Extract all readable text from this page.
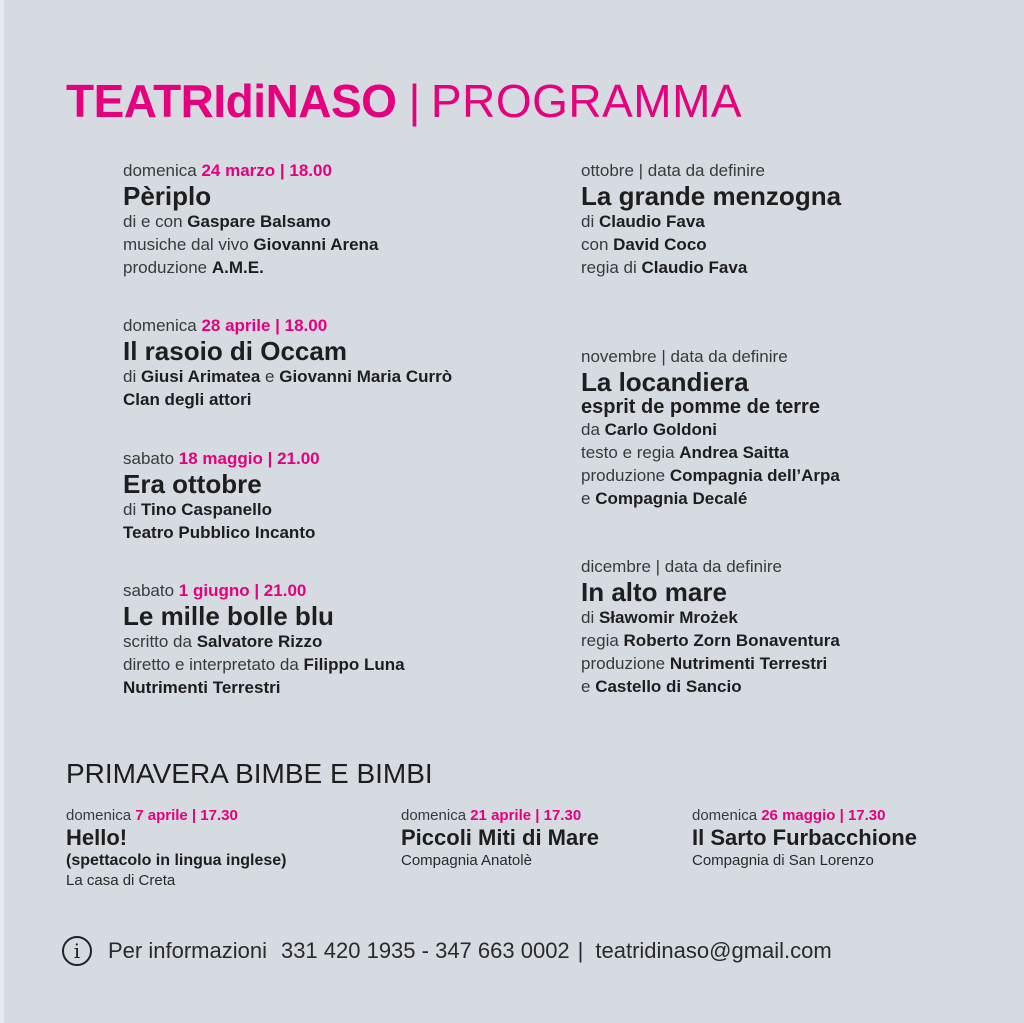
TEATRIdiNASO | PROGRAMMA
domenica 24 marzo | 18.00
Pèriplo
di e con Gaspare Balsamo
musiche dal vivo Giovanni Arena
produzione A.M.E.
domenica 28 aprile | 18.00
Il rasoio di Occam
di Giusi Arimatea e Giovanni Maria Currò
Clan degli attori
sabato 18 maggio | 21.00
Era ottobre
di Tino Caspanello
Teatro Pubblico Incanto
sabato 1 giugno | 21.00
Le mille bolle blu
scritto da Salvatore Rizzo
diretto e interpretato da Filippo Luna
Nutrimenti Terrestri
ottobre | data da definire
La grande menzogna
di Claudio Fava
con David Coco
regia di Claudio Fava
novembre | data da definire
La locandiera
esprit de pomme de terre
da Carlo Goldoni
testo e regia Andrea Saitta
produzione Compagnia dell’Arpa
e Compagnia Decalé
dicembre | data da definire
In alto mare
di Sławomir Mrożek
regia Roberto Zorn Bonaventura
produzione Nutrimenti Terrestri
e Castello di Sancio
PRIMAVERA BIMBE E BIMBI
domenica 7 aprile | 17.30
Hello!
(spettacolo in lingua inglese)
La casa di Creta
domenica 21 aprile | 17.30
Piccoli Miti di Mare
Compagnia Anatolè
domenica 26 maggio | 17.30
Il Sarto Furbacchione
Compagnia di San Lorenzo
i	Per informazioni 331 420 1935 - 347 663 0002 | teatridinaso@gmail.com
